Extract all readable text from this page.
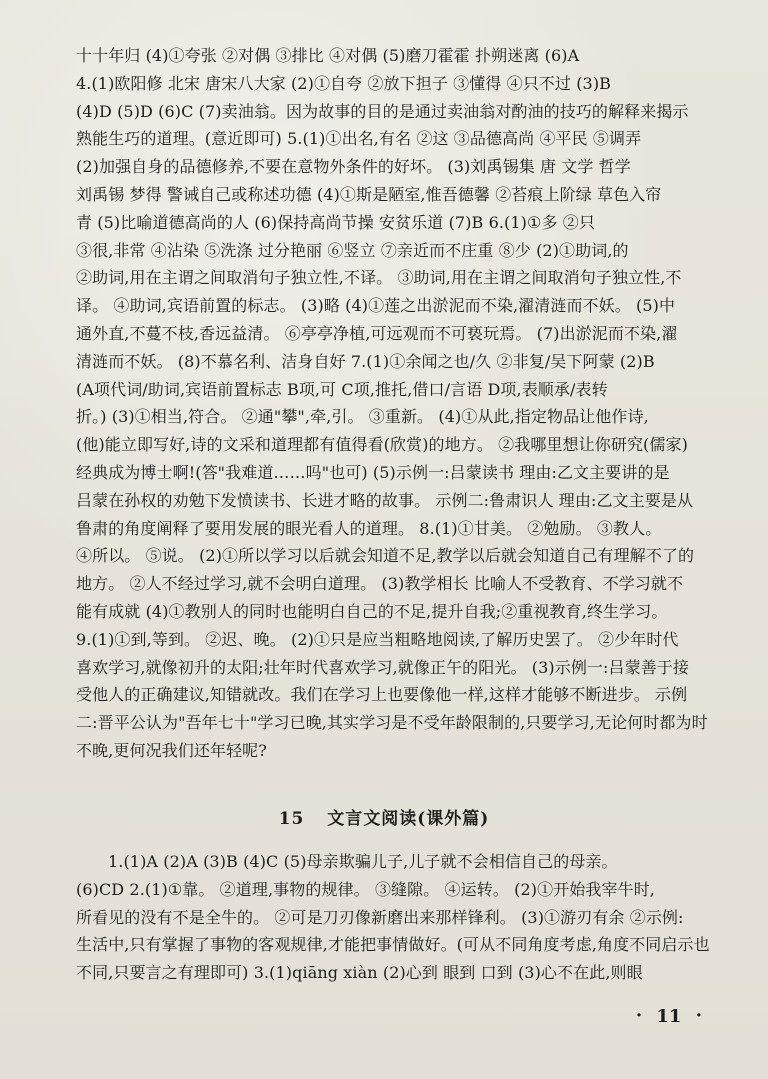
十十年归 (4)①夸张 ②对偶 ③排比 ④对偶 (5)磨刀霍霍 扑朔迷离 (6)A
4.(1)欧阳修 北宋 唐宋八大家 (2)①自夸 ②放下担子 ③懂得 ④只不过 (3)B
(4)D (5)D (6)C (7)卖油翁。因为故事的目的是通过卖油翁对酌油的技巧的解释来揭示
熟能生巧的道理。(意近即可) 5.(1)①出名,有名 ②这 ③品德高尚 ④平民 ⑤调弄
(2)加强自身的品德修养,不要在意物外条件的好坏。 (3)刘禹锡集 唐 文学 哲学
刘禹锡 梦得 警诫自己或称述功德 (4)①斯是陋室,惟吾德馨 ②苔痕上阶绿 草色入帘
青 (5)比喻道德高尚的人 (6)保持高尚节操 安贫乐道 (7)B 6.(1)①多 ②只
③很,非常 ④沾染 ⑤洗涤 过分艳丽 ⑥竖立 ⑦亲近而不庄重 ⑧少 (2)①助词,的
②助词,用在主谓之间取消句子独立性,不译。 ③助词,用在主谓之间取消句子独立性,不
译。 ④助词,宾语前置的标志。 (3)略 (4)①莲之出淤泥而不染,濯清涟而不妖。 (5)中
通外直,不蔓不枝,香远益清。 ⑥亭亭净植,可远观而不可亵玩焉。 (7)出淤泥而不染,濯
清涟而不妖。 (8)不慕名利、洁身自好 7.(1)①余闻之也/久 ②非复/吴下阿蒙 (2)B
(A项代词/助词,宾语前置标志 B项,可 C项,推托,借口/言语 D项,表顺承/表转
折。) (3)①相当,符合。 ②通"攀",牵,引。 ③重新。 (4)①从此,指定物品让他作诗,
(他)能立即写好,诗的文采和道理都有值得看(欣赏)的地方。 ②我哪里想让你研究(儒家)
经典成为博士啊!(答"我难道……吗"也可) (5)示例一:吕蒙读书 理由:乙文主要讲的是
吕蒙在孙权的劝勉下发愤读书、长进才略的故事。 示例二:鲁肃识人 理由:乙文主要是从
鲁肃的角度阐释了要用发展的眼光看人的道理。 8.(1)①甘美。 ②勉励。 ③教人。
④所以。 ⑤说。 (2)①所以学习以后就会知道不足,教学以后就会知道自己有理解不了的
地方。 ②人不经过学习,就不会明白道理。 (3)教学相长 比喻人不受教育、不学习就不
能有成就 (4)①教别人的同时也能明白自己的不足,提升自我;②重视教育,终生学习。
9.(1)①到,等到。 ②迟、晚。 (2)①只是应当粗略地阅读,了解历史罢了。 ②少年时代
喜欢学习,就像初升的太阳;壮年时代喜欢学习,就像正午的阳光。 (3)示例一:吕蒙善于接
受他人的正确建议,知错就改。我们在学习上也要像他一样,这样才能够不断进步。 示例
二:晋平公认为"吾年七十"学习已晚,其实学习是不受年龄限制的,只要学习,无论何时都为时
不晚,更何况我们还年轻呢?
15 文言文阅读(课外篇)
1.(1)A (2)A (3)B (4)C (5)母亲欺骗儿子,儿子就不会相信自己的母亲。
(6)CD 2.(1)①靠。 ②道理,事物的规律。 ③缝隙。 ④运转。 (2)①开始我宰牛时,
所看见的没有不是全牛的。 ②可是刀刃像新磨出来那样锋利。 (3)①游刃有余 ②示例:
生活中,只有掌握了事物的客观规律,才能把事情做好。(可从不同角度考虑,角度不同启示也
不同,只要言之有理即可) 3.(1)qiāng xiàn (2)心到 眼到 口到 (3)心不在此,则眼
· 11 ·
